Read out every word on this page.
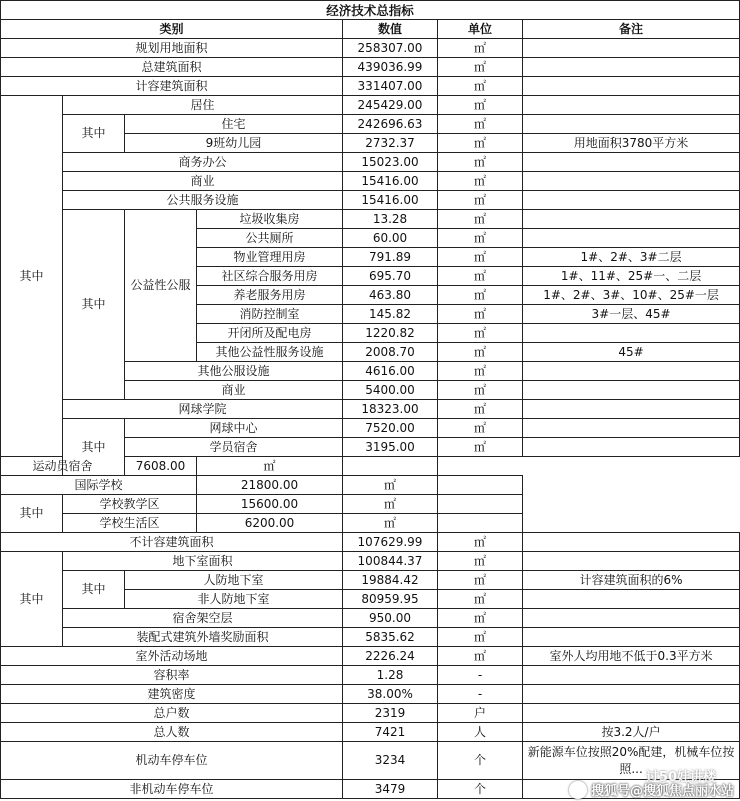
经济技术总指标						
类别				数值	单位	备注
规划用地面积				258307.00	㎡	
总建筑面积				439036.99	㎡	
计容建筑面积				331407.00	㎡	
其中	居住			245429.00	㎡	
	其中	住宅		242696.63	㎡	
		9班幼儿园		2732.37	㎡	用地面积3780平方米
	商务办公			15023.00	㎡	
	商业			15416.00	㎡	
	公共服务设施			15416.00	㎡	
	其中	公益性公服	垃圾收集房	13.28	㎡	
			公共厕所	60.00	㎡	
			物业管理用房	791.89	㎡	1#、2#、3#二层
			社区综合服务用房	695.70	㎡	1#、11#、25#一、二层
			养老服务用房	463.80	㎡	1#、2#、3#、10#、25#一层
			消防控制室	145.82	㎡	3#一层、45#
			开闭所及配电房	1220.82	㎡	
			其他公益性服务设施	2008.70	㎡	45#
		其他公服设施		4616.00	㎡	
		商业		5400.00	㎡	
	网球学院			18323.00	㎡	
	其中	网球中心		7520.00	㎡	
		学员宿舍		3195.00	㎡	
运动员宿舍		7608.00	㎡			
国际学校			21800.00	㎡		
其中	学校教学区		15600.00	㎡		
	学校生活区		6200.00	㎡		
不计容建筑面积				107629.99	㎡	
其中	地下室面积			100844.37	㎡	
	其中	人防地下室		19884.42	㎡	计容建筑面积的6%
		非人防地下室		80959.95	㎡	
	宿舍架空层			950.00	㎡	
	装配式建筑外墙奖励面积			5835.62	㎡	
室外活动场地				2226.24	㎡	室外人均用地不低于0.3平方米
容积率				1.28	-	
建筑密度				38.00%	-	
总户数				2319	户	
总人数				7421	人	按3.2人/户
机动车停车位				3234	个	新能源车位按照20%配建，机械车位按照...
非机动车停车位				3479	个	
过50娃讲楼
搜狐号@搜狐焦点丽水站
